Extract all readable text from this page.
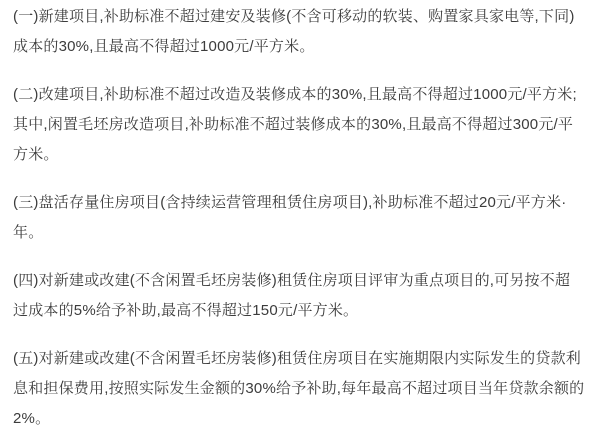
(一)新建项目,补助标准不超过建安及装修(不含可移动的软装、购置家具家电等,下同)成本的30%,且最高不得超过1000元/平方米。

(二)改建项目,补助标准不超过改造及装修成本的30%,且最高不得超过1000元/平方米;其中,闲置毛坯房改造项目,补助标准不超过装修成本的30%,且最高不得超过300元/平方米。

(三)盘活存量住房项目(含持续运营管理租赁住房项目),补助标准不超过20元/平方米·年。

(四)对新建或改建(不含闲置毛坯房装修)租赁住房项目评审为重点项目的,可另按不超过成本的5%给予补助,最高不得超过150元/平方米。

(五)对新建或改建(不含闲置毛坯房装修)租赁住房项目在实施期限内实际发生的贷款利息和担保费用,按照实际发生金额的30%给予补助,每年最高不超过项目当年贷款余额的2%。
